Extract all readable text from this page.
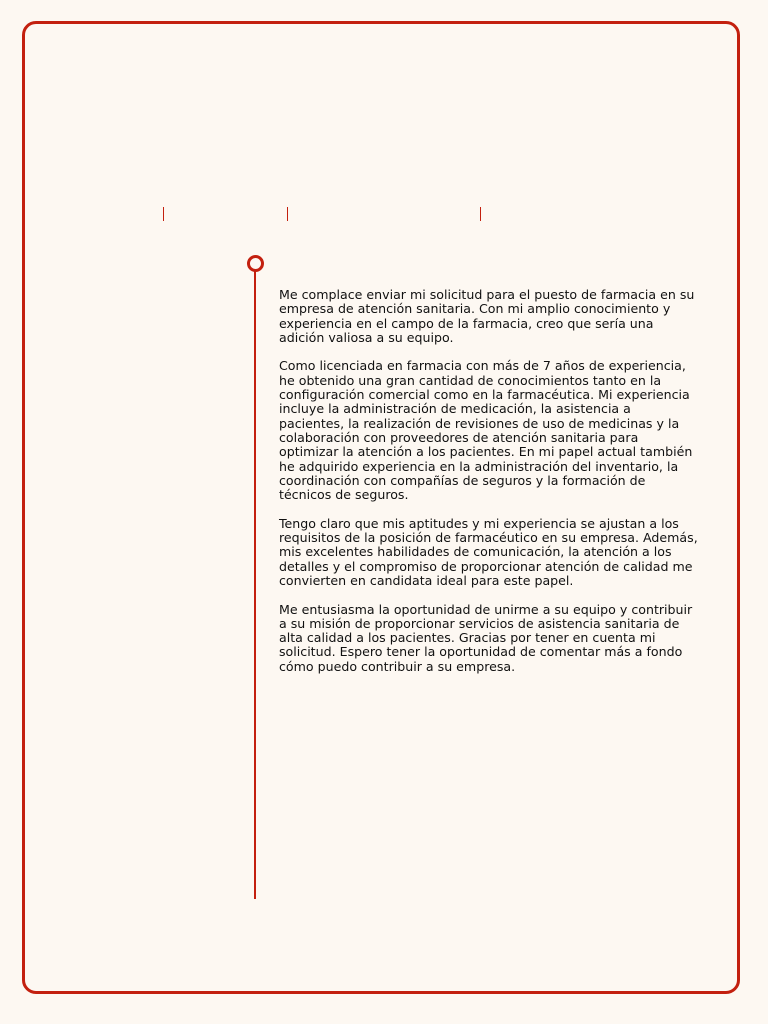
Me complace enviar mi solicitud para el puesto de farmacia en su empresa de atención sanitaria. Con mi amplio conocimiento y experiencia en el campo de la farmacia, creo que sería una adición valiosa a su equipo.

Como licenciada en farmacia con más de 7 años de experiencia, he obtenido una gran cantidad de conocimientos tanto en la configuración comercial como en la farmacéutica. Mi experiencia incluye la administración de medicación, la asistencia a pacientes, la realización de revisiones de uso de medicinas y la colaboración con proveedores de atención sanitaria para optimizar la atención a los pacientes. En mi papel actual también he adquirido experiencia en la administración del inventario, la coordinación con compañías de seguros y la formación de técnicos de seguros.

Tengo claro que mis aptitudes y mi experiencia se ajustan a los requisitos de la posición de farmacéutico en su empresa. Además, mis excelentes habilidades de comunicación, la atención a los detalles y el compromiso de proporcionar atención de calidad me convierten en candidata ideal para este papel.

Me entusiasma la oportunidad de unirme a su equipo y contribuir a su misión de proporcionar servicios de asistencia sanitaria de alta calidad a los pacientes. Gracias por tener en cuenta mi solicitud. Espero tener la oportunidad de comentar más a fondo cómo puedo contribuir a su empresa.
